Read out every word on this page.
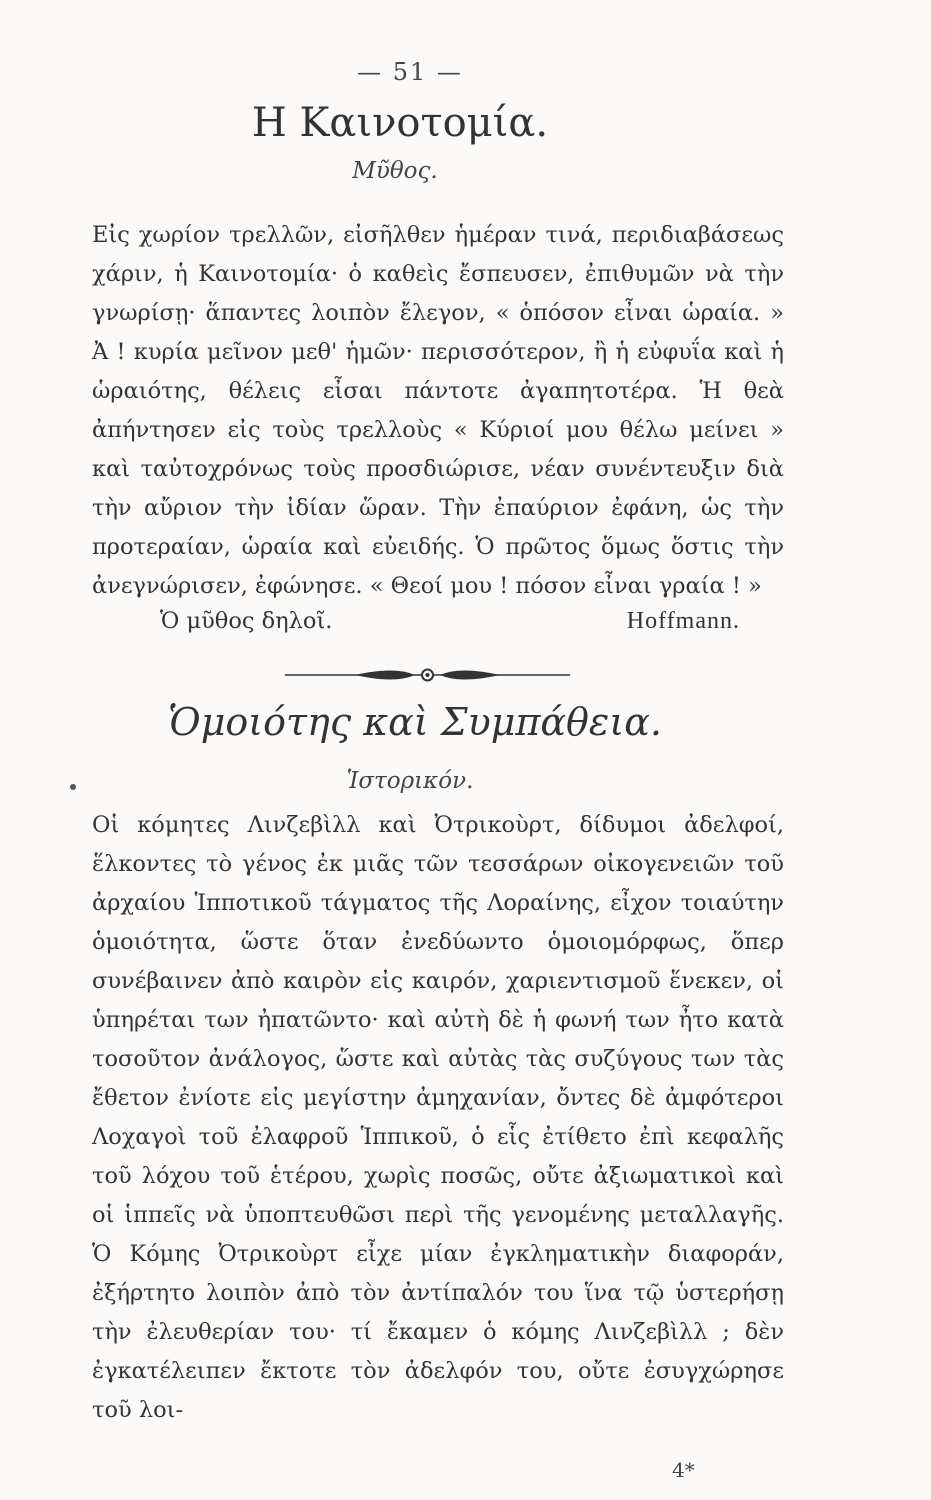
— 51 —
Η Καινοτομία.
Μῦθος.
Εἰς χωρίον τρελλῶν, εἰσῆλθεν ἡμέραν τινά, περιδιαβάσεως χάριν, ἡ Καινοτομία· ὁ καθεὶς ἔσπευσεν, ἐπιθυμῶν νὰ τὴν γνωρίσῃ· ἅπαντες λοιπὸν ἔλεγον, « ὁπόσον εἶναι ὡραία. » Ἀ ! κυρία μεῖνον μεθ' ἡμῶν· περισσότερον, ἢ ἡ εὐφυΐα καὶ ἡ ὡραιότης, θέλεις εἶσαι πάντοτε ἀγαπητοτέρα. Ἡ θεὰ ἀπήντησεν εἰς τοὺς τρελλοὺς « Κύριοί μου θέλω μείνει » καὶ ταὐτοχρόνως τοὺς προσδιώρισε, νέαν συνέντευξιν διὰ τὴν αὔριον τὴν ἰδίαν ὥραν. Τὴν ἐπαύριον ἐφάνη, ὡς τὴν προτεραίαν, ὡραία καὶ εὐειδής. Ὁ πρῶτος ὅμως ὅστις τὴν ἀνεγνώρισεν, ἐφώνησε. « Θεοί μου ! πόσον εἶναι γραία ! »
Ὁ μῦθος δηλοῖ.	Hoffmann.
Ὁμοιότης καὶ Συμπάθεια.
Ἱστορικόν.
Οἱ κόμητες Λινζεβὶλλ καὶ Ὀτρικοὺρτ, δίδυμοι ἀδελφοί, ἕλκοντες τὸ γένος ἐκ μιᾶς τῶν τεσσάρων οἰκογενειῶν τοῦ ἀρχαίου Ἱπποτικοῦ τάγματος τῆς Λοραίνης, εἶχον τοιαύτην ὁμοιότητα, ὥστε ὅταν ἐνεδύωντο ὁμοιομόρφως, ὅπερ συνέβαινεν ἀπὸ καιρὸν εἰς καιρόν, χαριεντισμοῦ ἕνεκεν, οἱ ὑπηρέται των ἠπατῶντο· καὶ αὐτὴ δὲ ἡ φωνή των ἦτο κατὰ τοσοῦτον ἀνάλογος, ὥστε καὶ αὐτὰς τὰς συζύγους των τὰς ἔθετον ἐνίοτε εἰς μεγίστην ἀμηχανίαν, ὄντες δὲ ἀμφότεροι Λοχαγοὶ τοῦ ἐλαφροῦ Ἱππικοῦ, ὁ εἷς ἐτίθετο ἐπὶ κεφαλῆς τοῦ λόχου τοῦ ἑτέρου, χωρὶς ποσῶς, οὔτε ἀξιωματικοὶ καὶ οἱ ἱππεῖς νὰ ὑποπτευθῶσι περὶ τῆς γενομένης μεταλλαγῆς. Ὁ Κόμης Ὀτρικοὺρτ εἶχε μίαν ἐγκληματικὴν διαφοράν, ἐξήρτητο λοιπὸν ἀπὸ τὸν ἀντίπαλόν του ἵνα τῷ ὑστερήσῃ τὴν ἐλευθερίαν του· τί ἔκαμεν ὁ κόμης Λινζεβὶλλ ; δὲν ἐγκατέλειπεν ἔκτοτε τὸν ἀδελφόν του, οὔτε ἐσυγχώρησε τοῦ λοι-
4*
